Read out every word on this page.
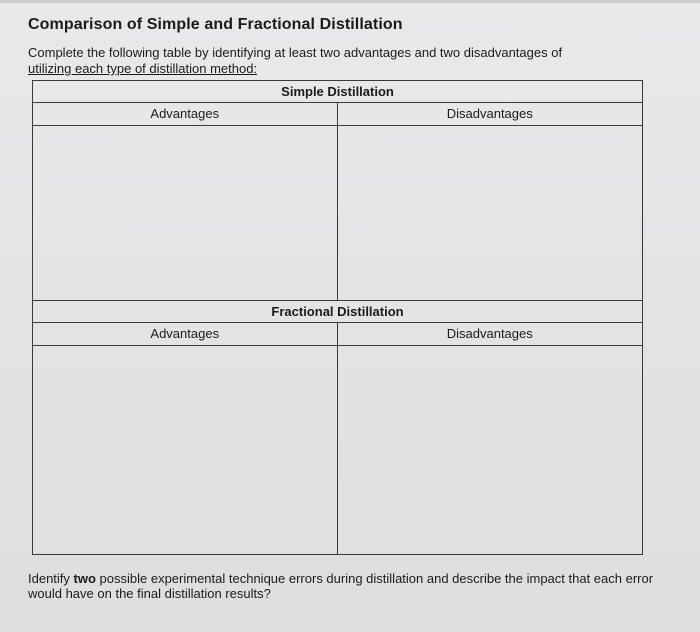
Comparison of Simple and Fractional Distillation
Complete the following table by identifying at least two advantages and two disadvantages of
utilizing each type of distillation method:
Simple Distillation
Advantages	Disadvantages
Fractional Distillation
Advantages	Disadvantages
Identify two possible experimental technique errors during distillation and describe the impact that each error would have on the final distillation results?
